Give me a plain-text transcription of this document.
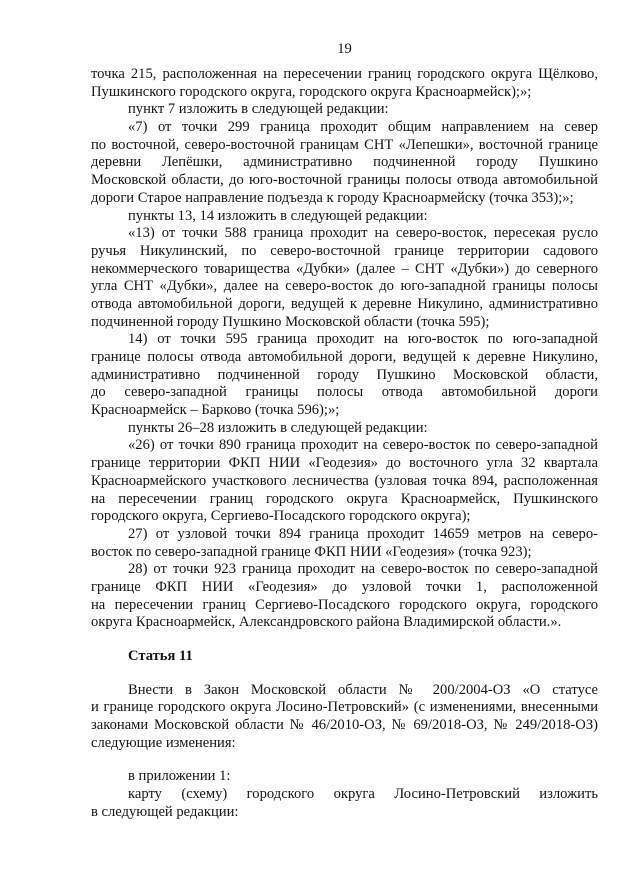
19
точка 215, расположенная на пересечении границ городского округа Щёлково,
Пушкинского городского округа, городского округа Красноармейск);»;
пункт 7 изложить в следующей редакции:
«7) от точки 299 граница проходит общим направлением на север
по восточной, северо-восточной границам СНТ «Лепешки», восточной границе
деревни Лепёшки, административно подчиненной городу Пушкино
Московской области, до юго-восточной границы полосы отвода автомобильной
дороги Старое направление подъезда к городу Красноармейску (точка 353);»;
пункты 13, 14 изложить в следующей редакции:
«13) от точки 588 граница проходит на северо-восток, пересекая русло
ручья Никулинский, по северо-восточной границе территории садового
некоммерческого товарищества «Дубки» (далее – СНТ «Дубки») до северного
угла СНТ «Дубки», далее на северо-восток до юго-западной границы полосы
отвода автомобильной дороги, ведущей к деревне Никулино, административно
подчиненной городу Пушкино Московской области (точка 595);
14) от точки 595 граница проходит на юго-восток по юго-западной
границе полосы отвода автомобильной дороги, ведущей к деревне Никулино,
административно подчиненной городу Пушкино Московской области,
до северо-западной границы полосы отвода автомобильной дороги
Красноармейск – Барково (точка 596);»;
пункты 26–28 изложить в следующей редакции:
«26) от точки 890 граница проходит на северо-восток по северо-западной
границе территории ФКП НИИ «Геодезия» до восточного угла 32 квартала
Красноармейского участкового лесничества (узловая точка 894, расположенная
на пересечении границ городского округа Красноармейск, Пушкинского
городского округа, Сергиево-Посадского городского округа);
27) от узловой точки 894 граница проходит 14659 метров на северо-
восток по северо-западной границе ФКП НИИ «Геодезия» (точка 923);
28) от точки 923 граница проходит на северо-восток по северо-западной
границе ФКП НИИ «Геодезия» до узловой точки 1, расположенной
на пересечении границ Сергиево-Посадского городского округа, городского
округа Красноармейск, Александровского района Владимирской области.».
Статья 11
Внести в Закон Московской области № 200/2004-ОЗ «О статусе
и границе городского округа Лосино-Петровский» (с изменениями, внесенными
законами Московской области № 46/2010-ОЗ, № 69/2018-ОЗ, № 249/2018-ОЗ)
следующие изменения:
в приложении 1:
карту (схему) городского округа Лосино-Петровский изложить
в следующей редакции:
